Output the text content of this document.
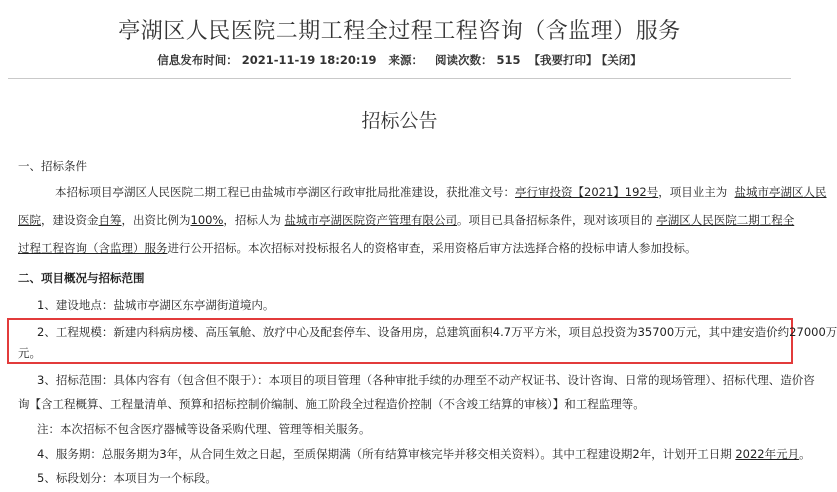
亭湖区人民医院二期工程全过程工程咨询（含监理）服务
信息发布时间： 2021-11-19 18:20:19 来源： 阅读次数： 515 【我要打印】 【关闭】
招标公告
一、招标条件
本招标项目亭湖区人民医院二期工程已由盐城市亭湖区行政审批局批准建设，获批准文号：亭行审投资【2021】192号，项目业主为 盐城市亭湖区人民
医院，建设资金自筹，出资比例为100%，招标人为 盐城市亭湖医院资产管理有限公司。项目已具备招标条件，现对该项目的 亭湖区人民医院二期工程全
过程工程咨询（含监理）服务进行公开招标。本次招标对投标报名人的资格审查，采用资格后审方法选择合格的投标申请人参加投标。
二、项目概况与招标范围
1、建设地点：盐城市亭湖区东亭湖街道境内。
2、工程规模：新建内科病房楼、高压氧舱、放疗中心及配套停车、设备用房，总建筑面积4.7万平方米，项目总投资为35700万元，其中建安造价约27000万
元。
3、招标范围：具体内容有（包含但不限于）：本项目的项目管理（各种审批手续的办理至不动产权证书、设计咨询、日常的现场管理）、招标代理、造价咨
询【含工程概算、工程量清单、预算和招标控制价编制、施工阶段全过程造价控制（不含竣工结算的审核）】和工程监理等。
注：本次招标不包含医疗器械等设备采购代理、管理等相关服务。
4、服务期：总服务期为3年，从合同生效之日起，至质保期满（所有结算审核完毕并移交相关资料）。其中工程建设期2年，计划开工日期 2022年元月。
5、标段划分：本项目为一个标段。
